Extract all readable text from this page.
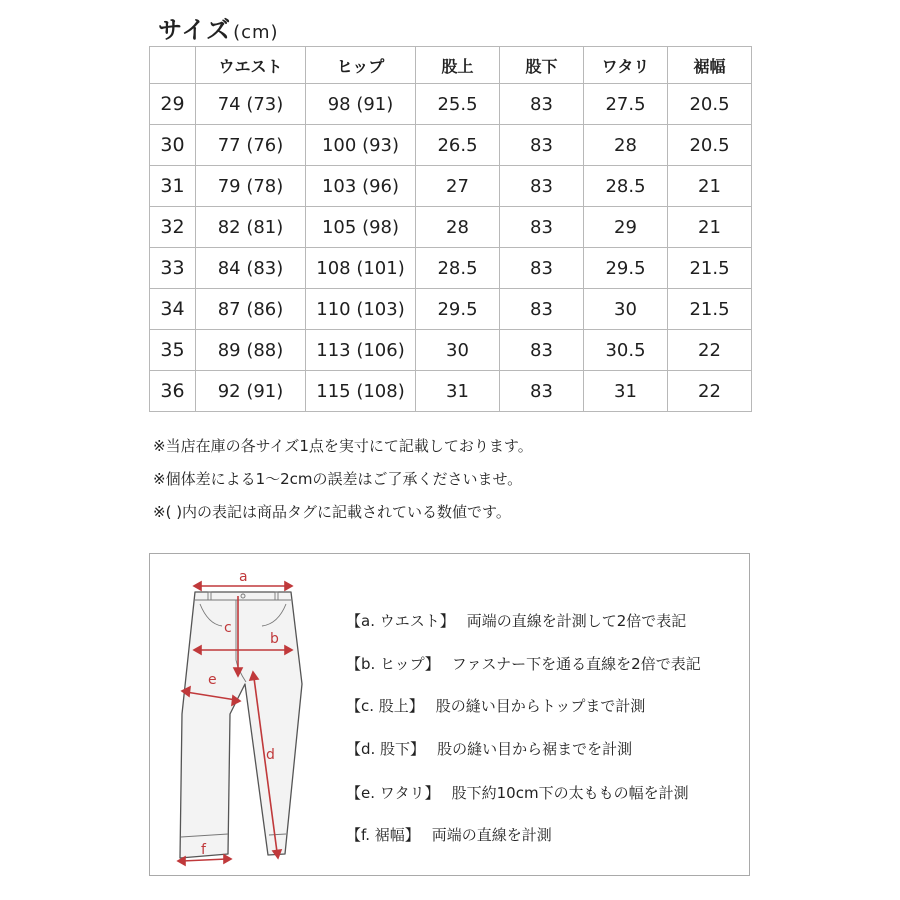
サイズ (cm)
	ウエスト	ヒップ	股上	股下	ワタリ	裾幅
29	74 (73)	98 (91)	25.5	83	27.5	20.5
30	77 (76)	100 (93)	26.5	83	28	20.5
31	79 (78)	103 (96)	27	83	28.5	21
32	82 (81)	105 (98)	28	83	29	21
33	84 (83)	108 (101)	28.5	83	29.5	21.5
34	87 (86)	110 (103)	29.5	83	30	21.5
35	89 (88)	113 (106)	30	83	30.5	22
36	92 (91)	115 (108)	31	83	31	22
※当店在庫の各サイズ1点を実寸にて記載しております。
※個体差による1〜2cmの誤差はご了承くださいませ。
※( )内の表記は商品タグに記載されている数値です。
a
b
c
d
e
f
【a. ウエスト】 両端の直線を計測して2倍で表記
【b. ヒップ】 ファスナー下を通る直線を2倍で表記
【c. 股上】 股の縫い目からトップまで計測
【d. 股下】 股の縫い目から裾までを計測
【e. ワタリ】 股下約10cm下の太ももの幅を計測
【f. 裾幅】 両端の直線を計測
